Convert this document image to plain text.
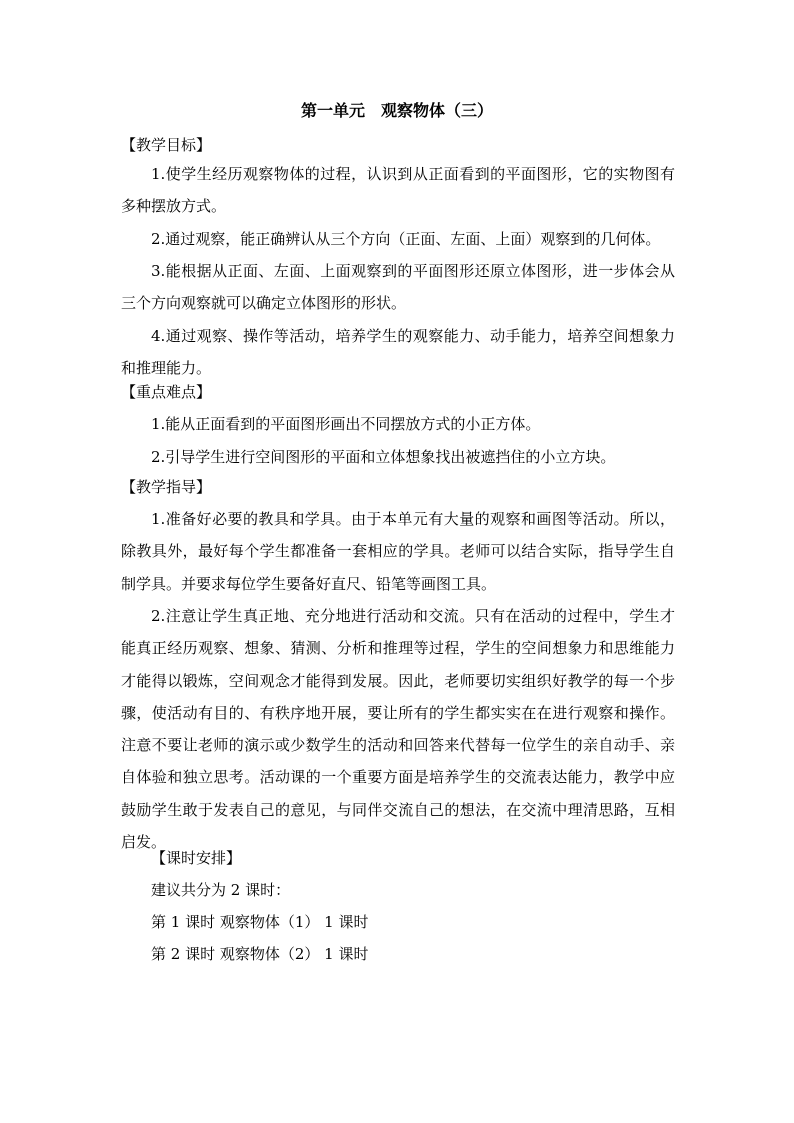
第一单元　观察物体（三）
【教学目标】
1.使学生经历观察物体的过程，认识到从正面看到的平面图形，它的实物图有多种摆放方式。
2.通过观察，能正确辨认从三个方向（正面、左面、上面）观察到的几何体。
3.能根据从正面、左面、上面观察到的平面图形还原立体图形，进一步体会从三个方向观察就可以确定立体图形的形状。
4.通过观察、操作等活动，培养学生的观察能力、动手能力，培养空间想象力和推理能力。
【重点难点】
1.能从正面看到的平面图形画出不同摆放方式的小正方体。
2.引导学生进行空间图形的平面和立体想象找出被遮挡住的小立方块。
【教学指导】
1.准备好必要的教具和学具。由于本单元有大量的观察和画图等活动。所以，除教具外，最好每个学生都准备一套相应的学具。老师可以结合实际，指导学生自制学具。并要求每位学生要备好直尺、铅笔等画图工具。
2.注意让学生真正地、充分地进行活动和交流。只有在活动的过程中，学生才能真正经历观察、想象、猜测、分析和推理等过程，学生的空间想象力和思维能力才能得以锻炼，空间观念才能得到发展。因此，老师要切实组织好教学的每一个步骤，使活动有目的、有秩序地开展，要让所有的学生都实实在在进行观察和操作。注意不要让老师的演示或少数学生的活动和回答来代替每一位学生的亲自动手、亲自体验和独立思考。活动课的一个重要方面是培养学生的交流表达能力，教学中应鼓励学生敢于发表自己的意见，与同伴交流自己的想法，在交流中理清思路，互相启发。
【课时安排】
建议共分为 2 课时：
第 1 课时 观察物体（1） 1 课时
第 2 课时 观察物体（2） 1 课时
